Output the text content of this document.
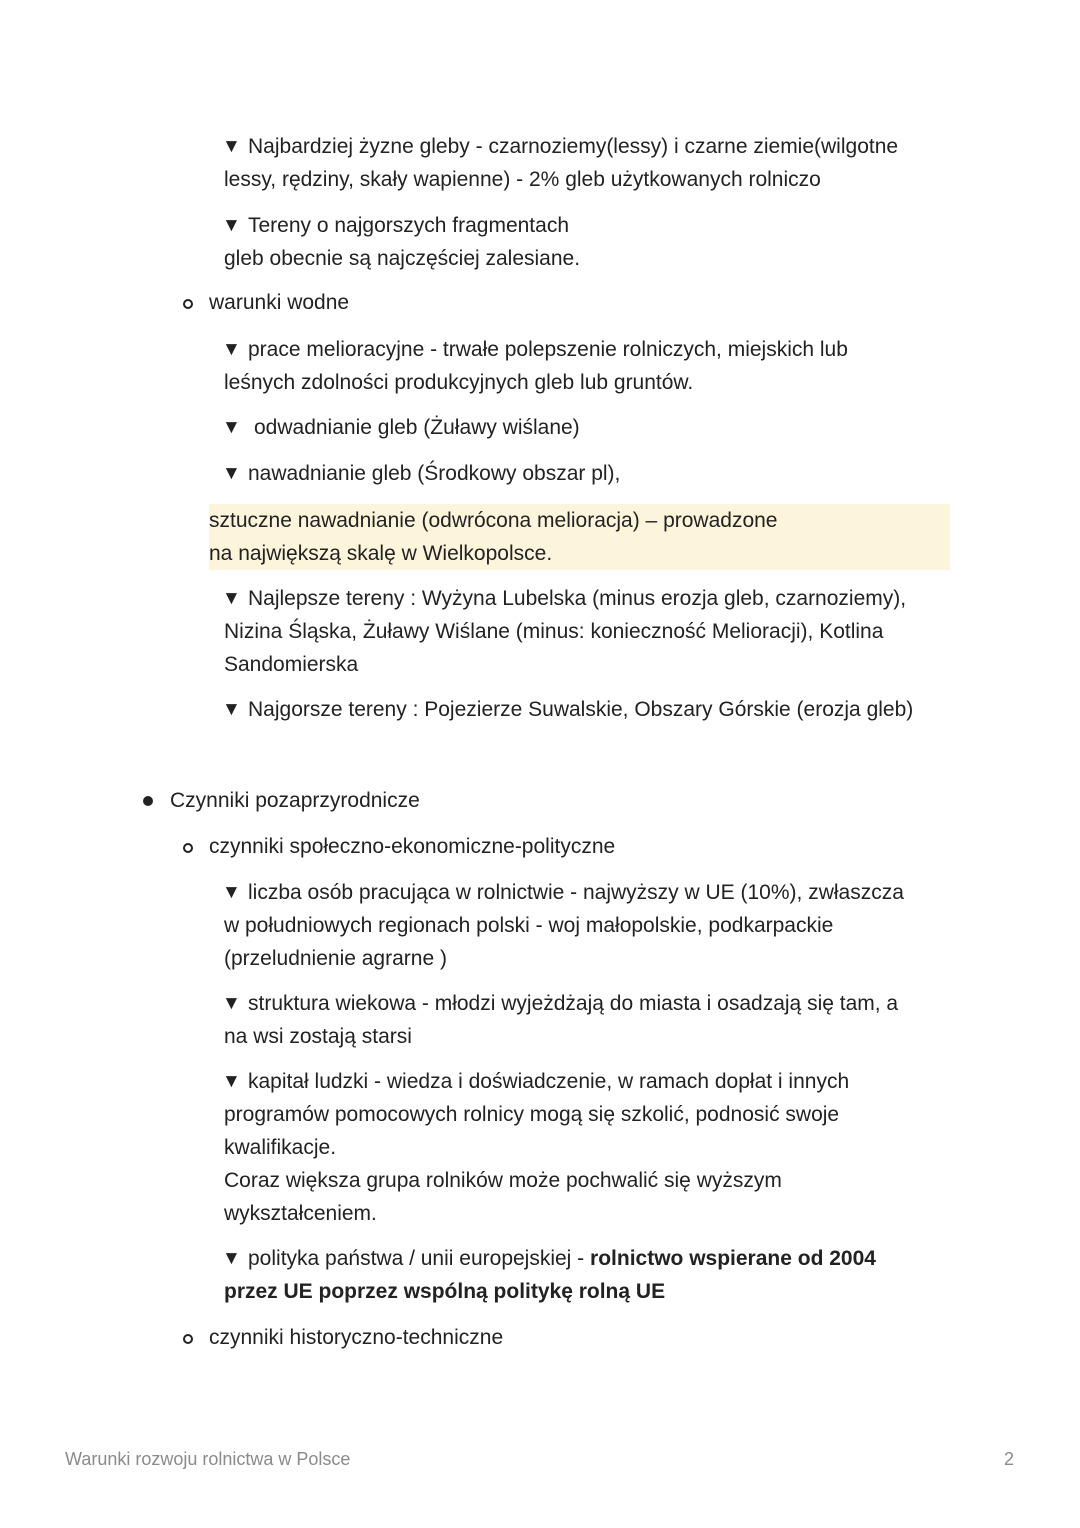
▼ Najbardziej żyzne gleby - czarnoziemy(lessy) i czarne ziemie(wilgotne
lessy, rędziny, skały wapienne) - 2% gleb użytkowanych rolniczo
▼ Tereny o najgorszych fragmentach
gleb obecnie są najczęściej zalesiane.
warunki wodne
▼ prace melioracyjne - trwałe polepszenie rolniczych, miejskich lub
leśnych zdolności produkcyjnych gleb lub gruntów.
▼ odwadnianie gleb (Żuławy wiślane)
▼ nawadnianie gleb (Środkowy obszar pl),
sztuczne nawadnianie (odwrócona melioracja) – prowadzone
na największą skalę w Wielkopolsce.
▼ Najlepsze tereny : Wyżyna Lubelska (minus erozja gleb, czarnoziemy),
Nizina Śląska, Żuławy Wiślane (minus: konieczność Melioracji), Kotlina
Sandomierska
▼ Najgorsze tereny : Pojezierze Suwalskie, Obszary Górskie (erozja gleb)
Czynniki pozaprzyrodnicze
czynniki społeczno-ekonomiczne-polityczne
▼ liczba osób pracująca w rolnictwie - najwyższy w UE (10%), zwłaszcza
w południowych regionach polski - woj małopolskie, podkarpackie
(przeludnienie agrarne )
▼ struktura wiekowa - młodzi wyjeżdżają do miasta i osadzają się tam, a
na wsi zostają starsi
▼ kapitał ludzki - wiedza i doświadczenie, w ramach dopłat i innych
programów pomocowych rolnicy mogą się szkolić, podnosić swoje
kwalifikacje.
Coraz większa grupa rolników może pochwalić się wyższym
wykształceniem.
▼ polityka państwa / unii europejskiej - rolnictwo wspierane od 2004
przez UE poprzez wspólną politykę rolną UE
czynniki historyczno-techniczne
Warunki rozwoju rolnictwa w Polsce	2
